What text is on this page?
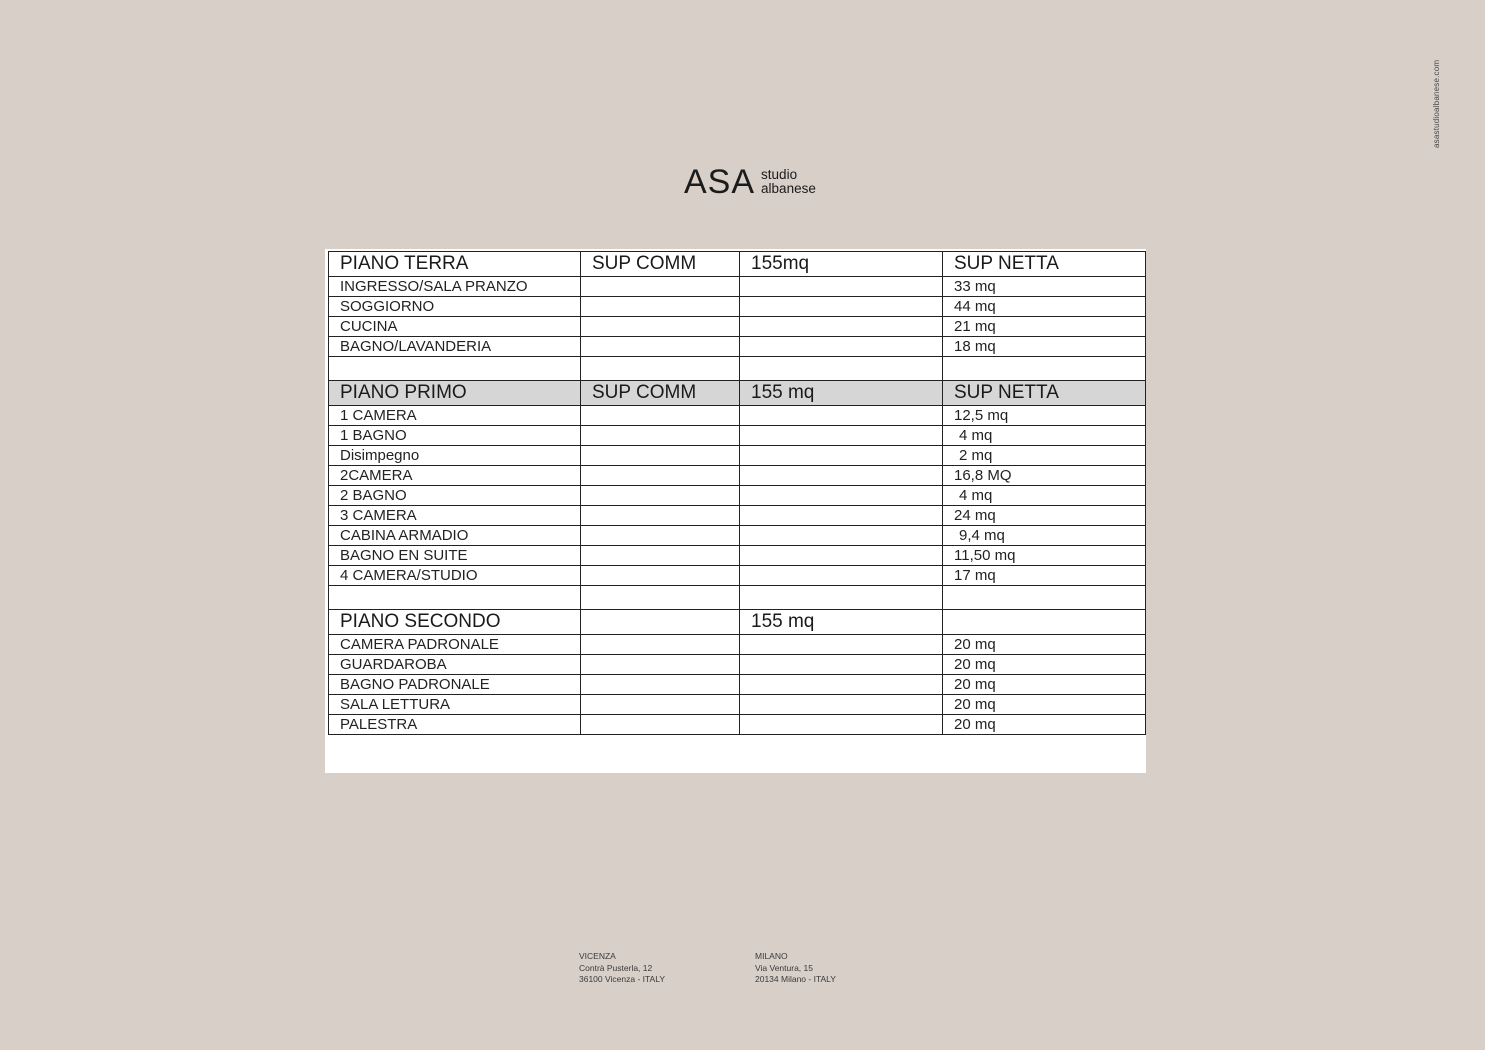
asastudioalbanese.com
ASA studio
albanese
PIANO TERRA	SUP COMM	155mq	SUP NETTA
INGRESSO/SALA PRANZO			33 mq
SOGGIORNO			44 mq
CUCINA			21 mq
BAGNO/LAVANDERIA			18 mq

PIANO PRIMO	SUP COMM	155 mq	SUP NETTA
1 CAMERA			12,5 mq
1 BAGNO			4 mq
Disimpegno			2 mq
2CAMERA			16,8 MQ
2 BAGNO			4 mq
3 CAMERA			24 mq
CABINA ARMADIO			9,4 mq
BAGNO EN SUITE			11,50 mq
4 CAMERA/STUDIO			17 mq

PIANO SECONDO		155 mq	
CAMERA PADRONALE			20 mq
GUARDAROBA			20 mq
BAGNO PADRONALE			20 mq
SALA LETTURA			20 mq
PALESTRA			20 mq
VICENZA
Contrà Pusterla, 12
36100 Vicenza - ITALY
MILANO
Via Ventura, 15
20134 Milano - ITALY
